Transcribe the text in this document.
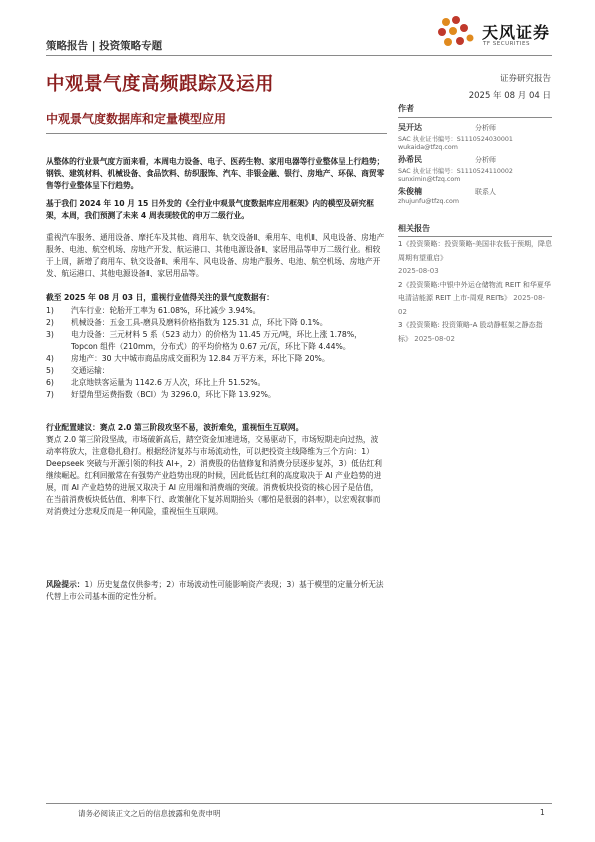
天风证券
TF SECURITIES
策略报告 | 投资策略专题
中观景气度高频跟踪及运用	证券研究报告
2025 年 08 月 04 日
中观景气度数据库和定量模型应用

从整体的行业景气度方面来看，本周电力设备、电子、医药生物、家用电器等行业整体呈上行趋势；钢铁、建筑材料、机械设备、食品饮料、纺织服饰、汽车、非银金融、银行、房地产、环保、商贸零售等行业整体呈下行趋势。

基于我们 2024 年 10 月 15 日外发的《全行业中观景气度数据库应用框架》内的模型及研究框架，本周，我们预测了未来 4 周表现较优的申万二级行业。

重视汽车服务、通用设备、摩托车及其他、商用车、轨交设备Ⅱ、乘用车、电机Ⅱ、风电设备、房地产服务、电池、航空机场、房地产开发、航运港口、其他电源设备Ⅱ、家居用品等申万二级行业。相较于上周，新增了商用车、轨交设备Ⅱ、乘用车、风电设备、房地产服务、电池、航空机场、房地产开发、航运港口、其他电源设备Ⅱ、家居用品等。

截至 2025 年 08 月 03 日，重视行业值得关注的景气度数据有：

1)	汽车行业：轮胎开工率为 61.08%，环比减少 3.94%。
2)	机械设备：五金工具-磨具及磨料价格指数为 125.31 点，环比下降 0.1%。
3)	电力设备：三元材料 5 系（523 动力）的价格为 11.45 万元/吨，环比上涨 1.78%，Topcon 组件（210mm，分布式）的平均价格为 0.67 元/瓦，环比下降 4.44%。
4)	房地产：30 大中城市商品房成交面积为 12.84 万平方米，环比下降 20%。
5)	交通运输：
6)	北京地铁客运量为 1142.6 万人次，环比上升 51.52%。
7)	好望角型运费指数（BCI）为 3296.0，环比下降 13.92%。

行业配置建议：赛点 2.0 第三阶段攻坚不易，波折难免，重视恒生互联网。

赛点 2.0 第三阶段坚战，市场破新高后，踏空资金加速进场，交易驱动下，市场短期走向过热，波动率将放大，注意稳扎稳打。根据经济复苏与市场流动性，可以把投资主线降维为三个方向：1）Deepseek 突破与开源引领的科技 AI+，2）消费股的估值修复和消费分层逐步复苏，3）低估红利继续崛起。红利回撤常在有强势产业趋势出现的时候，因此低估红利的高度取决于 AI 产业趋势的进展，而 AI 产业趋势的进展又取决于 AI 应用端和消费端的突破。消费板块投资的核心因子是估值，在当前消费板块低估值、利率下行、政策催化下复苏周期抬头（哪怕是很弱的斜率），以宏观叙事而对消费过分悲观反而是一种风险，重视恒生互联网。

风险提示：1）历史复盘仅供参考；2）市场波动性可能影响资产表现；3）基于模型的定量分析无法代替上市公司基本面的定性分析。

作者
吴开达	分析师
SAC 执业证书编号：S1110524030001
wukaida@tfzq.com
孙希民	分析师
SAC 执业证书编号：S1110524110002
sunximin@tfzq.com
朱俊楠	联系人
zhujunfu@tfzq.com
相关报告

1《投资策略：投资策略-美国非农低于预期，降息周期有望重启》
2025-08-03

2《投资策略:中银中外运仓储物流 REIT 和华夏华电清洁能源 REIT 上市-周观 REITs》 2025-08-02

3《投资策略: 投资策略-A 股动静框架之静态指标》 2025-08-02

请务必阅读正文之后的信息披露和免责申明	1
